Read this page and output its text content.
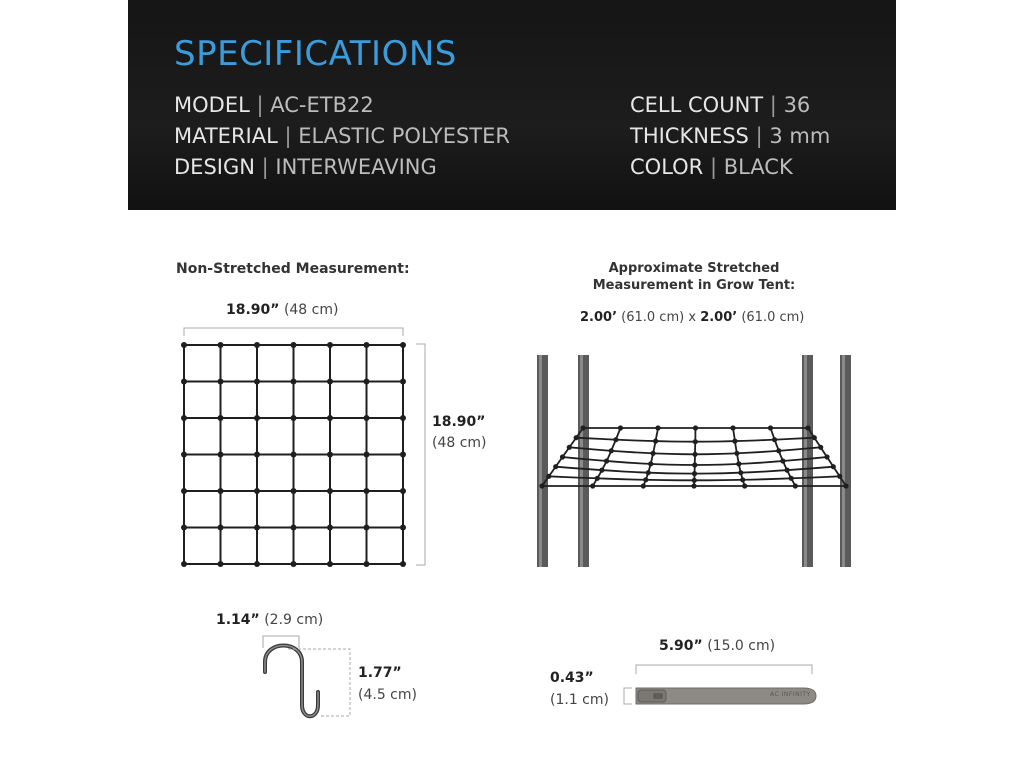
SPECIFICATIONS
MODEL | AC-ETB22
MATERIAL | ELASTIC POLYESTER
DESIGN | INTERWEAVING
CELL COUNT | 36
THICKNESS | 3 mm
COLOR | BLACK
AC INFINITY
Non-Stretched Measurement:
18.90” (48 cm)
18.90”
(48 cm)
Approximate Stretched
Measurement in Grow Tent:
2.00’ (61.0 cm) x 2.00’ (61.0 cm)
1.14” (2.9 cm)
1.77”
(4.5 cm)
5.90” (15.0 cm)
0.43”
(1.1 cm)
